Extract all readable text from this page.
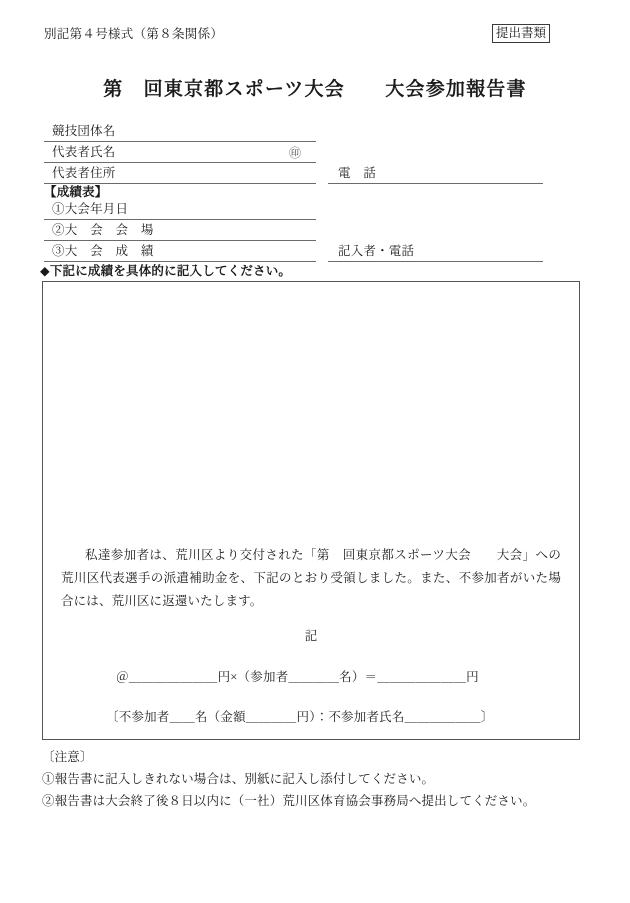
別記第４号様式（第８条関係）	提出書類
第　回東京都スポーツ大会　　大会参加報告書
競技団体名
代表者氏名	㊞
代表者住所	電　話
【成績表】
①大会年月日
②大　会　会　場
③大　会　成　績	記入者・電話
◆下記に成績を具体的に記入してください。
私達参加者は、荒川区より交付された「第　回東京都スポーツ大会　　大会」への荒川区代表選手の派遣補助金を、下記のとおり受領しました。また、不参加者がいた場合には、荒川区に返還いたします。
記
＠＿＿＿＿＿＿＿円×（参加者＿＿＿＿名）＝＿＿＿＿＿＿＿円
〔不参加者＿＿名（金額＿＿＿＿円）：不参加者氏名＿＿＿＿＿＿〕
〔注意〕
①報告書に記入しきれない場合は、別紙に記入し添付してください。
②報告書は大会終了後８日以内に（一社）荒川区体育協会事務局へ提出してください。
